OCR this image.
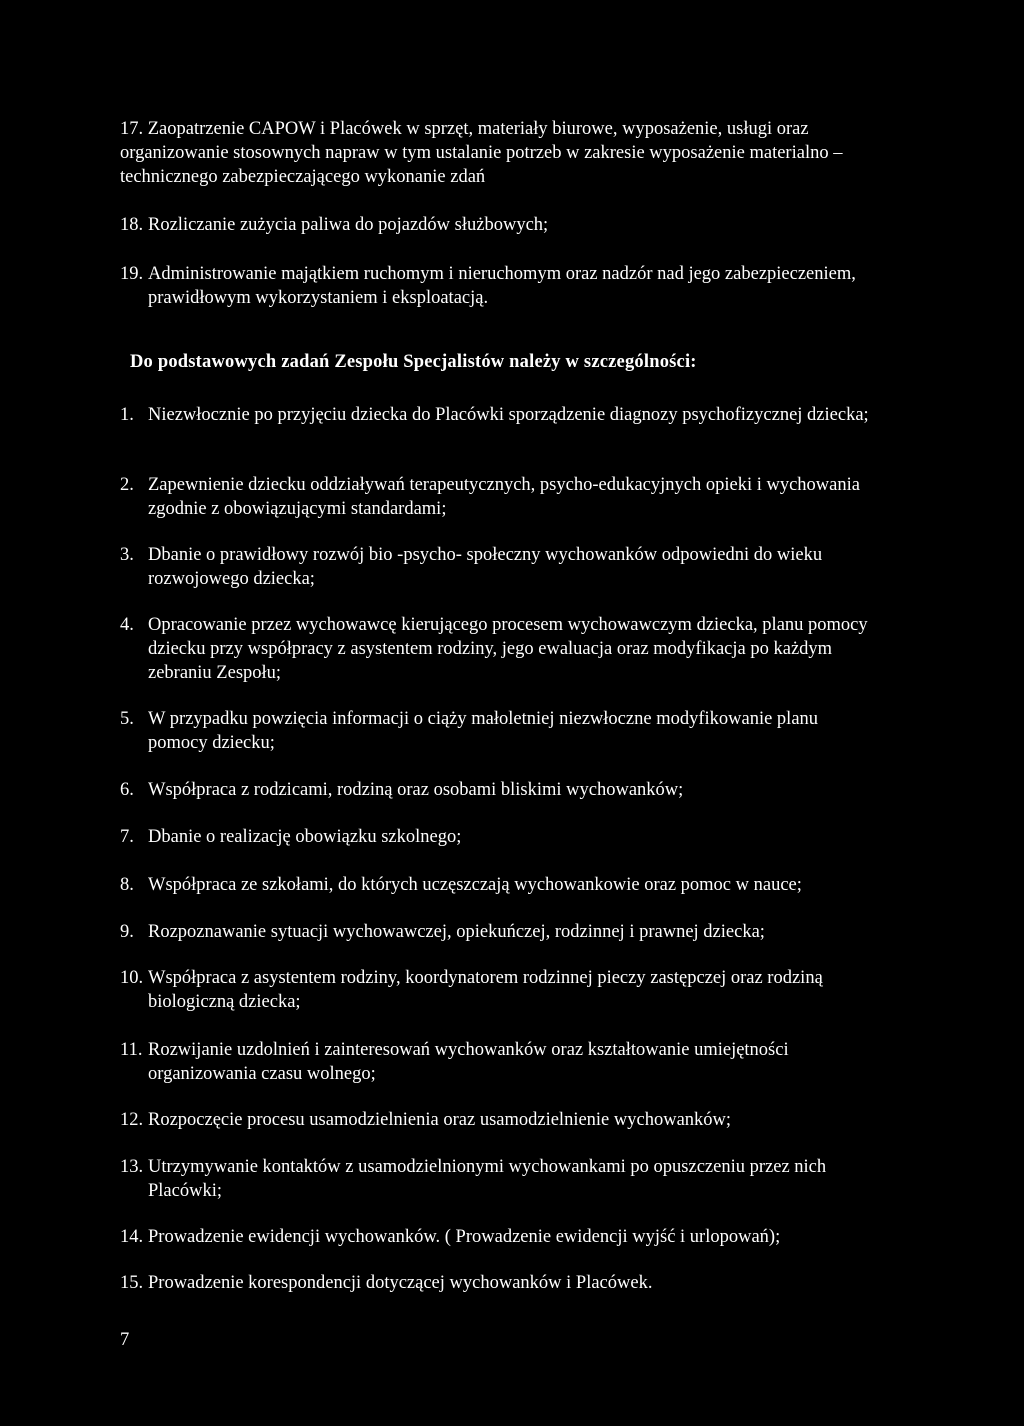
17. Zaopatrzenie CAPOW i Placówek w sprzęt, materiały biurowe, wyposażenie, usługi oraz organizowanie stosownych napraw w tym ustalanie potrzeb w zakresie wyposażenie materialno – technicznego zabezpieczającego wykonanie zdań
18. Rozliczanie zużycia paliwa do pojazdów służbowych;
19. Administrowanie majątkiem ruchomym i nieruchomym oraz nadzór nad jego zabezpieczeniem, prawidłowym wykorzystaniem i eksploatacją.
Do podstawowych zadań Zespołu Specjalistów należy w szczególności:
1. Niezwłocznie po przyjęciu dziecka do Placówki sporządzenie diagnozy psychofizycznej dziecka;
2. Zapewnienie dziecku oddziaływań terapeutycznych, psycho-edukacyjnych opieki i wychowania zgodnie z obowiązującymi standardami;
3. Dbanie o prawidłowy rozwój bio -psycho- społeczny wychowanków odpowiedni do wieku rozwojowego dziecka;
4. Opracowanie przez wychowawcę kierującego procesem wychowawczym dziecka, planu pomocy dziecku przy współpracy z asystentem rodziny, jego ewaluacja oraz modyfikacja po każdym zebraniu Zespołu;
5. W przypadku powzięcia informacji o ciąży małoletniej niezwłoczne modyfikowanie planu pomocy dziecku;
6. Współpraca z rodzicami, rodziną oraz osobami bliskimi wychowanków;
7. Dbanie o realizację obowiązku szkolnego;
8. Współpraca ze szkołami, do których uczęszczają wychowankowie oraz pomoc w nauce;
9. Rozpoznawanie sytuacji wychowawczej, opiekuńczej, rodzinnej i prawnej dziecka;
10. Współpraca z asystentem rodziny, koordynatorem rodzinnej pieczy zastępczej oraz rodziną biologiczną dziecka;
11. Rozwijanie uzdolnień i zainteresowań wychowanków oraz kształtowanie umiejętności organizowania czasu wolnego;
12. Rozpoczęcie procesu usamodzielnienia oraz usamodzielnienie wychowanków;
13. Utrzymywanie kontaktów z usamodzielnionymi wychowankami po opuszczeniu przez nich Placówki;
14. Prowadzenie ewidencji wychowanków. ( Prowadzenie ewidencji wyjść i urlopowań);
15. Prowadzenie korespondencji dotyczącej wychowanków i Placówek.
7
